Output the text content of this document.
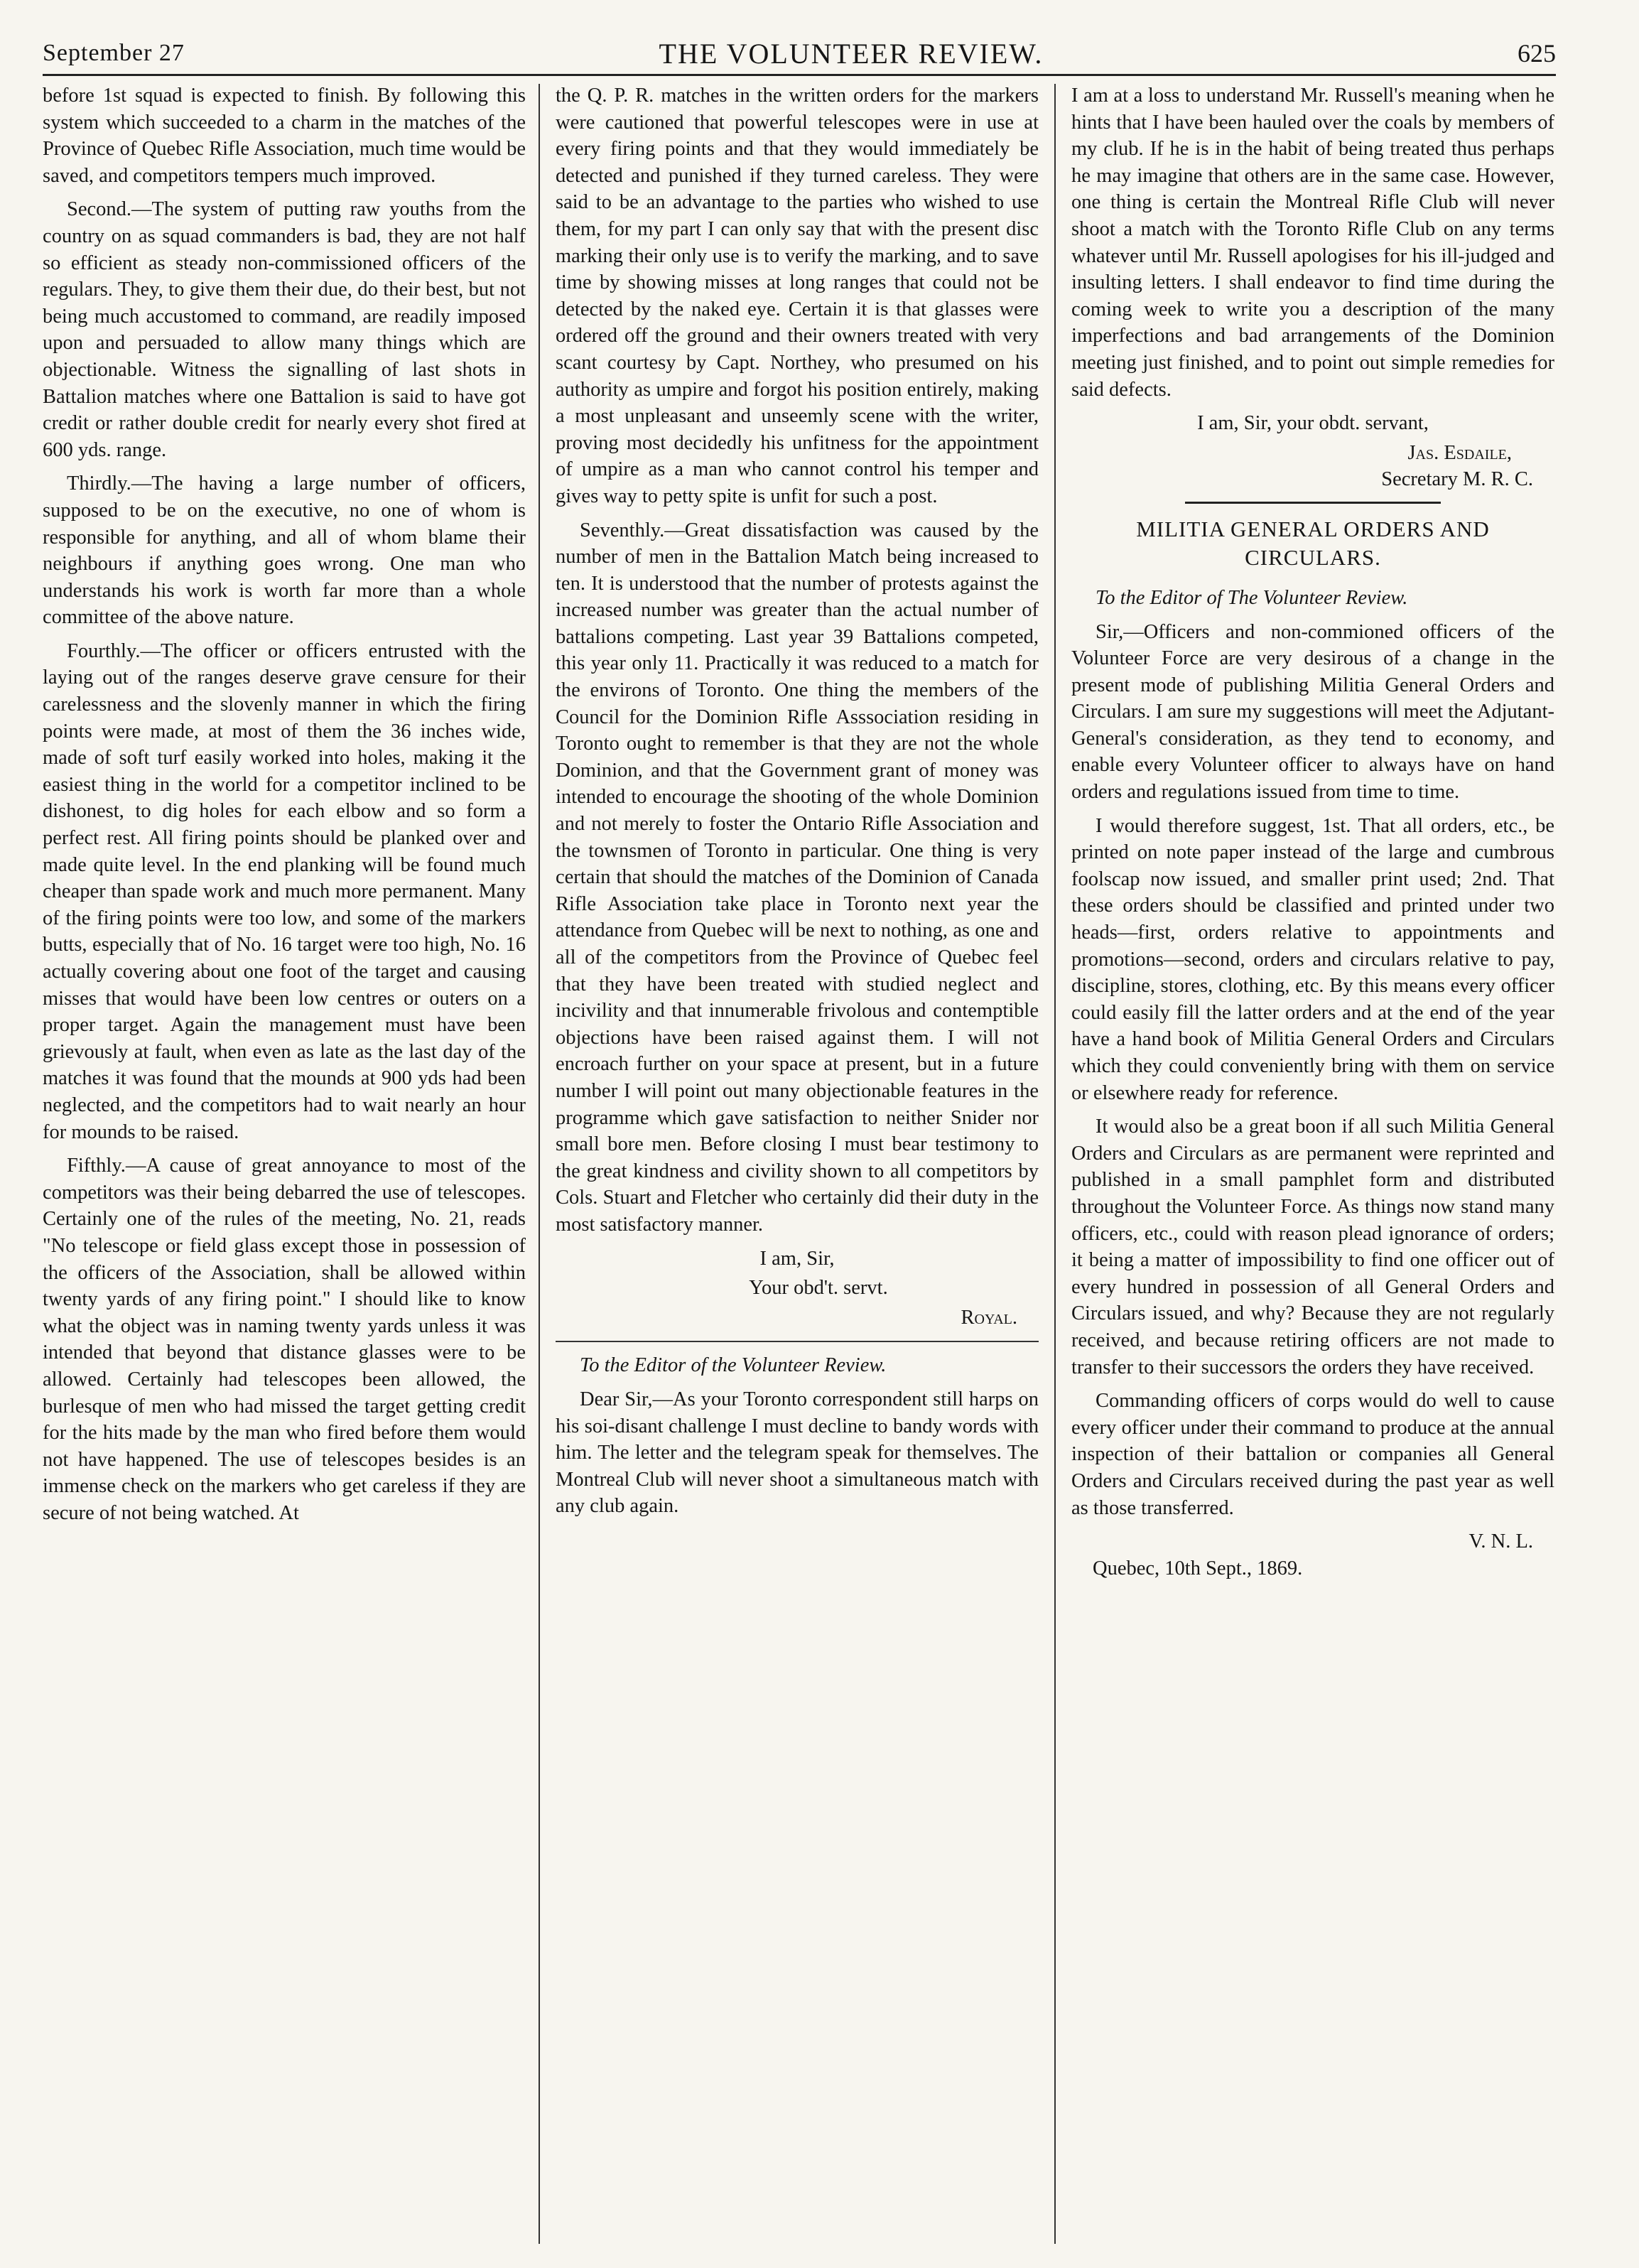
September 27	THE VOLUNTEER REVIEW.	625

before 1st squad is expected to finish. By following this system which succeeded to a charm in the matches of the Province of Quebec Rifle Association, much time would be saved, and competitors tempers much improved.

Second.—The system of putting raw youths from the country on as squad commanders is bad, they are not half so efficient as steady non-commissioned officers of the regulars. They, to give them their due, do their best, but not being much accustomed to command, are readily imposed upon and persuaded to allow many things which are objectionable. Witness the signalling of last shots in Battalion matches where one Battalion is said to have got credit or rather double credit for nearly every shot fired at 600 yds. range.

Thirdly.—The having a large number of officers, supposed to be on the executive, no one of whom is responsible for anything, and all of whom blame their neighbours if anything goes wrong. One man who understands his work is worth far more than a whole committee of the above nature.

Fourthly.—The officer or officers entrusted with the laying out of the ranges deserve grave censure for their carelessness and the slovenly manner in which the firing points were made, at most of them the 36 inches wide, made of soft turf easily worked into holes, making it the easiest thing in the world for a competitor inclined to be dishonest, to dig holes for each elbow and so form a perfect rest. All firing points should be planked over and made quite level. In the end planking will be found much cheaper than spade work and much more permanent. Many of the firing points were too low, and some of the markers butts, especially that of No. 16 target were too high, No. 16 actually covering about one foot of the target and causing misses that would have been low centres or outers on a proper target. Again the management must have been grievously at fault, when even as late as the last day of the matches it was found that the mounds at 900 yds had been neglected, and the competitors had to wait nearly an hour for mounds to be raised.

Fifthly.—A cause of great annoyance to most of the competitors was their being debarred the use of telescopes. Certainly one of the rules of the meeting, No. 21, reads "No telescope or field glass except those in possession of the officers of the Association, shall be allowed within twenty yards of any firing point." I should like to know what the object was in naming twenty yards unless it was intended that beyond that distance glasses were to be allowed. Certainly had telescopes been allowed, the burlesque of men who had missed the target getting credit for the hits made by the man who fired before them would not have happened. The use of telescopes besides is an immense check on the markers who get careless if they are secure of not being watched. At

the Q. P. R. matches in the written orders for the markers were cautioned that powerful telescopes were in use at every firing points and that they would immediately be detected and punished if they turned careless. They were said to be an advantage to the parties who wished to use them, for my part I can only say that with the present disc marking their only use is to verify the marking, and to save time by showing misses at long ranges that could not be detected by the naked eye. Certain it is that glasses were ordered off the ground and their owners treated with very scant courtesy by Capt. Northey, who presumed on his authority as umpire and forgot his position entirely, making a most unpleasant and unseemly scene with the writer, proving most decidedly his unfitness for the appointment of umpire as a man who cannot control his temper and gives way to petty spite is unfit for such a post.

Seventhly.—Great dissatisfaction was caused by the number of men in the Battalion Match being increased to ten. It is understood that the number of protests against the increased number was greater than the actual number of battalions competing. Last year 39 Battalions competed, this year only 11. Practically it was reduced to a match for the environs of Toronto. One thing the members of the Council for the Dominion Rifle Asssociation residing in Toronto ought to remember is that they are not the whole Dominion, and that the Government grant of money was intended to encourage the shooting of the whole Dominion and not merely to foster the Ontario Rifle Association and the townsmen of Toronto in particular. One thing is very certain that should the matches of the Dominion of Canada Rifle Association take place in Toronto next year the attendance from Quebec will be next to nothing, as one and all of the competitors from the Province of Quebec feel that they have been treated with studied neglect and incivility and that innumerable frivolous and contemptible objections have been raised against them. I will not encroach further on your space at present, but in a future number I will point out many objectionable features in the programme which gave satisfaction to neither Snider nor small bore men. Before closing I must bear testimony to the great kindness and civility shown to all competitors by Cols. Stuart and Fletcher who certainly did their duty in the most satisfactory manner.

I am, Sir,
Your obd't. servt.
Royal.

To the Editor of the Volunteer Review.

Dear Sir,—As your Toronto correspondent still harps on his soi-disant challenge I must decline to bandy words with him. The letter and the telegram speak for themselves. The Montreal Club will never shoot a simultaneous match with any club again.

I am at a loss to understand Mr. Russell's meaning when he hints that I have been hauled over the coals by members of my club. If he is in the habit of being treated thus perhaps he may imagine that others are in the same case. However, one thing is certain the Montreal Rifle Club will never shoot a match with the Toronto Rifle Club on any terms whatever until Mr. Russell apologises for his ill-judged and insulting letters. I shall endeavor to find time during the coming week to write you a description of the many imperfections and bad arrangements of the Dominion meeting just finished, and to point out simple remedies for said defects.

I am, Sir, your obdt. servant,
Jas. Esdaile,
Secretary M. R. C.
MILITIA GENERAL ORDERS AND CIRCULARS.

To the Editor of The Volunteer Review.

Sir,—Officers and non-commioned officers of the Volunteer Force are very desirous of a change in the present mode of publishing Militia General Orders and Circulars. I am sure my suggestions will meet the Adjutant-General's consideration, as they tend to economy, and enable every Volunteer officer to always have on hand orders and regulations issued from time to time.

I would therefore suggest, 1st. That all orders, etc., be printed on note paper instead of the large and cumbrous foolscap now issued, and smaller print used; 2nd. That these orders should be classified and printed under two heads—first, orders relative to appointments and promotions—second, orders and circulars relative to pay, discipline, stores, clothing, etc. By this means every officer could easily fill the latter orders and at the end of the year have a hand book of Militia General Orders and Circulars which they could conveniently bring with them on service or elsewhere ready for reference.

It would also be a great boon if all such Militia General Orders and Circulars as are permanent were reprinted and published in a small pamphlet form and distributed throughout the Volunteer Force. As things now stand many officers, etc., could with reason plead ignorance of orders; it being a matter of impossibility to find one officer out of every hundred in possession of all General Orders and Circulars issued, and why? Because they are not regularly received, and because retiring officers are not made to transfer to their successors the orders they have received.

Commanding officers of corps would do well to cause every officer under their command to produce at the annual inspection of their battalion or companies all General Orders and Circulars received during the past year as well as those transferred.

V. N. L.
Quebec, 10th Sept., 1869.
